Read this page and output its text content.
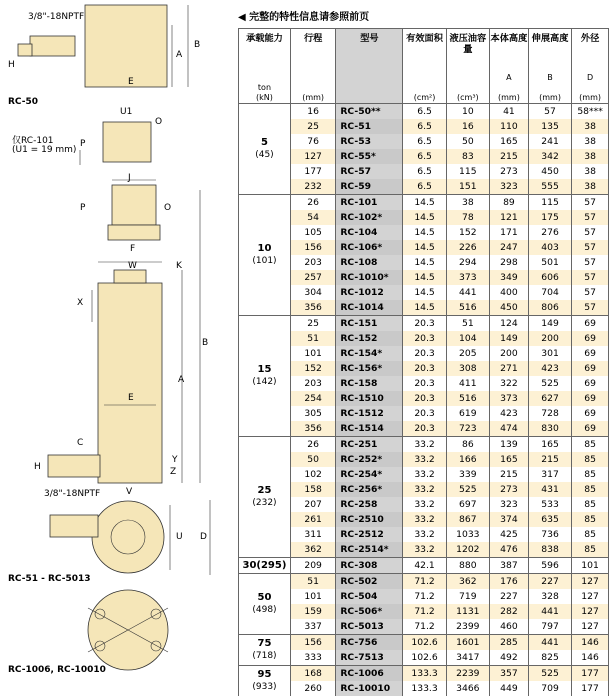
3/8"-18NPTF
RC-50
仅RC-101
(U1 = 19 mm)
H
E
A
B
U1
O
P
J
P	O
F
W	K
X
B
A
E
C
H
Y
Z
3/8"-18NPTF	V
U D
RC-51 - RC-5013
RC-1006, RC-10010
◀ 完整的特性信息请参照前页
承载能力

ton
(kN)	行程

(mm)	型号	有效面积

(cm²)	液压油容量

(cm³)	本体高度
A

(mm)	伸展高度
B

(mm)	外径
D

(mm)

5
(45)	16	RC-50**	6.5	10	41	57	58***
	25	RC-51	6.5	16	110	135	38
	76	RC-53	6.5	50	165	241	38
	127	RC-55*	6.5	83	215	342	38
	177	RC-57	6.5	115	273	450	38
	232	RC-59	6.5	151	323	555	38

10
(101)	26	RC-101	14.5	38	89	115	57
	54	RC-102*	14.5	78	121	175	57
	105	RC-104	14.5	152	171	276	57
	156	RC-106*	14.5	226	247	403	57
	203	RC-108	14.5	294	298	501	57
	257	RC-1010*	14.5	373	349	606	57
	304	RC-1012	14.5	441	400	704	57
	356	RC-1014	14.5	516	450	806	57

15
(142)	25	RC-151	20.3	51	124	149	69
	51	RC-152	20.3	104	149	200	69
	101	RC-154*	20.3	205	200	301	69
	152	RC-156*	20.3	308	271	423	69
	203	RC-158	20.3	411	322	525	69
	254	RC-1510	20.3	516	373	627	69
	305	RC-1512	20.3	619	423	728	69
	356	RC-1514	20.3	723	474	830	69

25
(232)	26	RC-251	33.2	86	139	165	85
	50	RC-252*	33.2	166	165	215	85
	102	RC-254*	33.2	339	215	317	85
	158	RC-256*	33.2	525	273	431	85
	207	RC-258	33.2	697	323	533	85
	261	RC-2510	33.2	867	374	635	85
	311	RC-2512	33.2	1033	425	736	85
	362	RC-2514*	33.2	1202	476	838	85

30(295)	209	RC-308	42.1	880	387	596	101

50
(498)	51	RC-502	71.2	362	176	227	127
	101	RC-504	71.2	719	227	328	127
	159	RC-506*	71.2	1131	282	441	127
	337	RC-5013	71.2	2399	460	797	127

75
(718)	156	RC-756	102.6	1601	285	441	146
	333	RC-7513	102.6	3417	492	825	146

95
(933)	168	RC-1006	133.3	2239	357	525	177
	260	RC-10010	133.3	3466	449	709	177
